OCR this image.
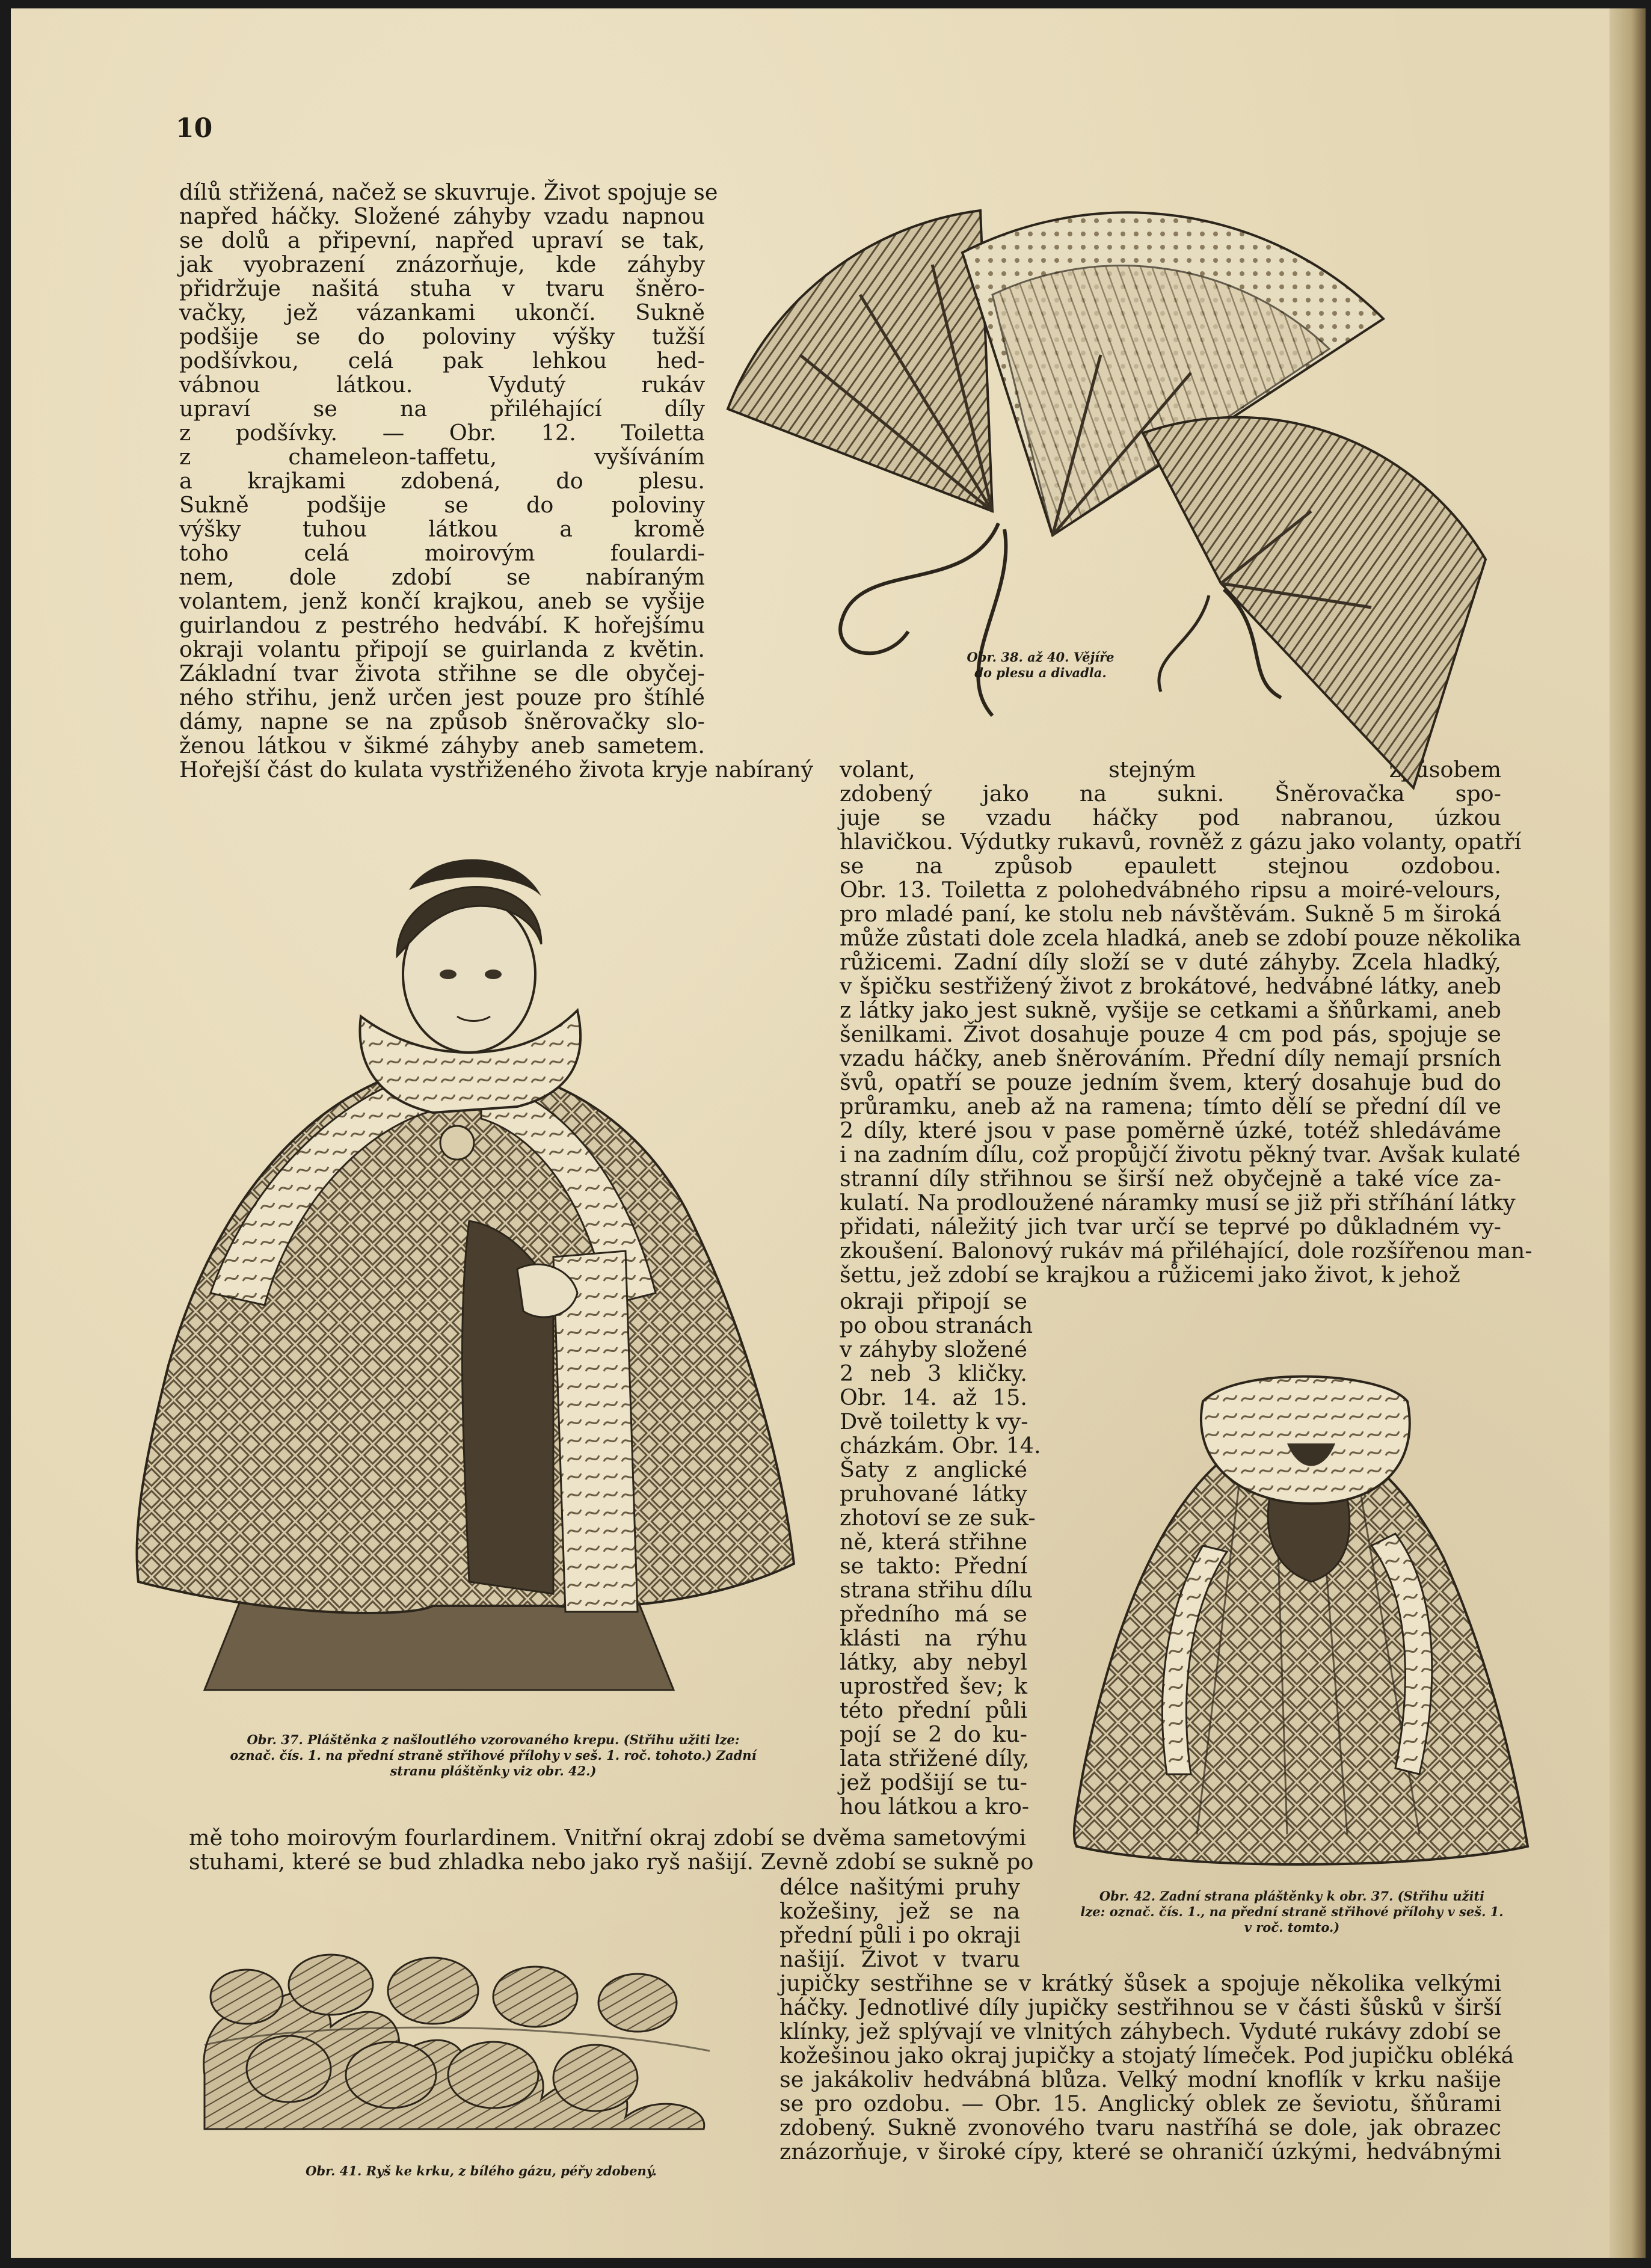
10
dílů střižená, načež se skuvruje. Život spojuje se
napřed háčky. Složené záhyby vzadu napnou
se dolů a připevní, napřed upraví se tak,
jak vyobrazení znázorňuje, kde záhyby
přidržuje našitá stuha v tvaru šněro-
vačky, jež vázankami ukončí. Sukně
podšije se do poloviny výšky tužší
podšívkou, celá pak lehkou hed-
vábnou látkou. Vydutý rukáv
upraví se na přiléhající díly
z podšívky. — Obr. 12. Toiletta
z chameleon-taffetu, vyšíváním
a krajkami zdobená, do plesu.
Sukně podšije se do poloviny
výšky tuhou látkou a kromě
toho celá moirovým foulardi-
nem, dole zdobí se nabíraným
volantem, jenž končí krajkou, aneb se vyšije
guirlandou z pestrého hedvábí. K hořejšímu
okraji volantu připojí se guirlanda z květin.
Základní tvar života střihne se dle obyčej-
ného střihu, jenž určen jest pouze pro štíhlé
dámy, napne se na způsob šněrovačky slo-
ženou látkou v šikmé záhyby aneb sametem.
Hořejší část do kulata vystřiženého života kryje nabíraný volant, stejným způsobem
zdobený jako na sukni. Šněrovačka spo-
juje se vzadu háčky pod nabranou, úzkou
hlavičkou. Výdutky rukavů, rovněž z gázu jako volanty, opatří
se na způsob epaulett stejnou ozdobou.
Obr. 13. Toiletta z polohedvábného ripsu a moiré-velours,
pro mladé paní, ke stolu neb návštěvám. Sukně 5 m široká
může zůstati dole zcela hladká, aneb se zdobí pouze několika
růžicemi. Zadní díly složí se v duté záhyby. Zcela hladký,
v špičku sestřižený život z brokátové, hedvábné látky, aneb
z látky jako jest sukně, vyšije se cetkami a šňůrkami, aneb
šenilkami. Život dosahuje pouze 4 cm pod pás, spojuje se
vzadu háčky, aneb šněrováním. Přední díly nemají prsních
švů, opatří se pouze jedním švem, který dosahuje bud do
průramku, aneb až na ramena; tímto dělí se přední díl ve
2 díly, které jsou v pase poměrně úzké, totéž shledáváme
i na zadním dílu, což propůjčí životu pěkný tvar. Avšak kulaté
stranní díly střihnou se širší než obyčejně a také více za-
kulatí. Na prodloužené náramky musí se již při stříhání látky
přidati, náležitý jich tvar určí se teprvé po důkladném vy-
zkoušení. Balonový rukáv má přiléhající, dole rozšířenou man-
šettu, jež zdobí se krajkou a růžicemi jako život, k jehož
okraji připojí se
po obou stranách
v záhyby složené
2 neb 3 kličky.
Obr. 14. až 15.
Dvě toiletty k vy-
cházkám. Obr. 14.
Šaty z anglické
pruhované látky
zhotoví se ze suk-
ně, která střihne
se takto: Přední
strana střihu dílu
předního má se
klásti na rýhu
látky, aby nebyl
uprostřed šev; k
této přední půli
pojí se 2 do ku-
lata střižené díly,
jež podšijí se tu-
hou látkou a kro-
mě toho moirovým fourlardinem. Vnitřní okraj zdobí se dvěma sametovými
stuhami, které se bud zhladka nebo jako ryš našijí. Zevně zdobí se sukně po
délce našitými pruhy
kožešiny, jež se na
přední půli i po okraji
našijí. Život v tvaru
jupičky sestřihne se v krátký šůsek a spojuje několika velkými
háčky. Jednotlivé díly jupičky sestřihnou se v části šůsků v širší
klínky, jež splývají ve vlnitých záhybech. Vyduté rukávy zdobí se
kožešinou jako okraj jupičky a stojatý límeček. Pod jupičku obléká
se jakákoliv hedvábná blůza. Velký modní knoflík v krku našije
se pro ozdobu. — Obr. 15. Anglický oblek ze ševiotu, šňůrami
zdobený. Sukně zvonového tvaru nastříhá se dole, jak obrazec
znázorňuje, v široké cípy, které se ohraničí úzkými, hedvábnými
Obr. 38. až 40. Vějíře
do plesu a divadla.
Obr. 37. Pláštěnka z našloutlého vzorovaného krepu. (Střihu užiti lze:
označ. čís. 1. na přední straně střihové přílohy v seš. 1. roč. tohoto.) Zadní
stranu pláštěnky viz obr. 42.)
Obr. 42. Zadní strana pláštěnky k obr. 37. (Střihu užiti
lze: označ. čís. 1., na přední straně střihové přílohy v seš. 1.
v roč. tomto.)
Obr. 41. Ryš ke krku, z bílého gázu, péřy zdobený.
